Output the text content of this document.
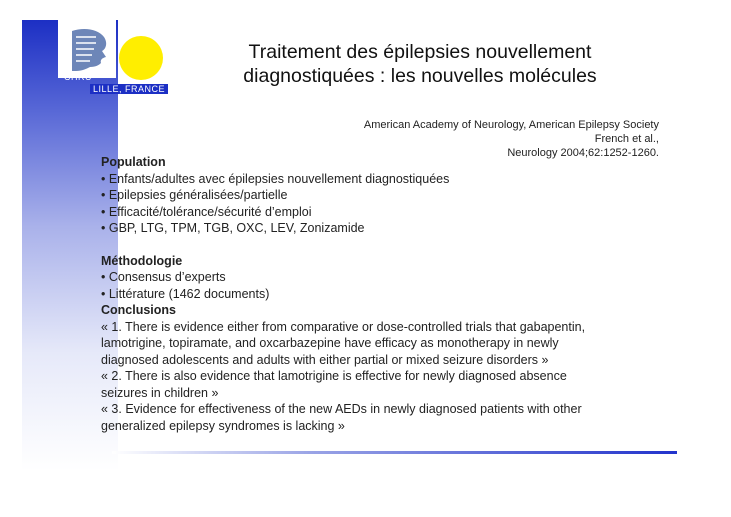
CHRU
LILLE, FRANCE
Traitement des épilepsies nouvellement
diagnostiquées : les nouvelles molécules
American Academy of Neurology, American Epilepsy Society
French et al.,
Neurology 2004;62:1252-1260.
Population
• Enfants/adultes avec épilepsies nouvellement diagnostiquées
• Epilepsies généralisées/partielle
• Efficacité/tolérance/sécurité d’emploi
• GBP, LTG, TPM, TGB, OXC, LEV, Zonizamide
Méthodologie
• Consensus d’experts
• Littérature (1462 documents)
Conclusions
« 1. There is evidence either from comparative or dose-controlled trials that gabapentin,
lamotrigine, topiramate, and oxcarbazepine have efficacy as monotherapy in newly
diagnosed adolescents and adults with either partial or mixed seizure disorders »
« 2. There is also evidence that lamotrigine is effective for newly diagnosed absence
seizures in children »
« 3. Evidence for effectiveness of the new AEDs in newly diagnosed patients with other
generalized epilepsy syndromes is lacking »
